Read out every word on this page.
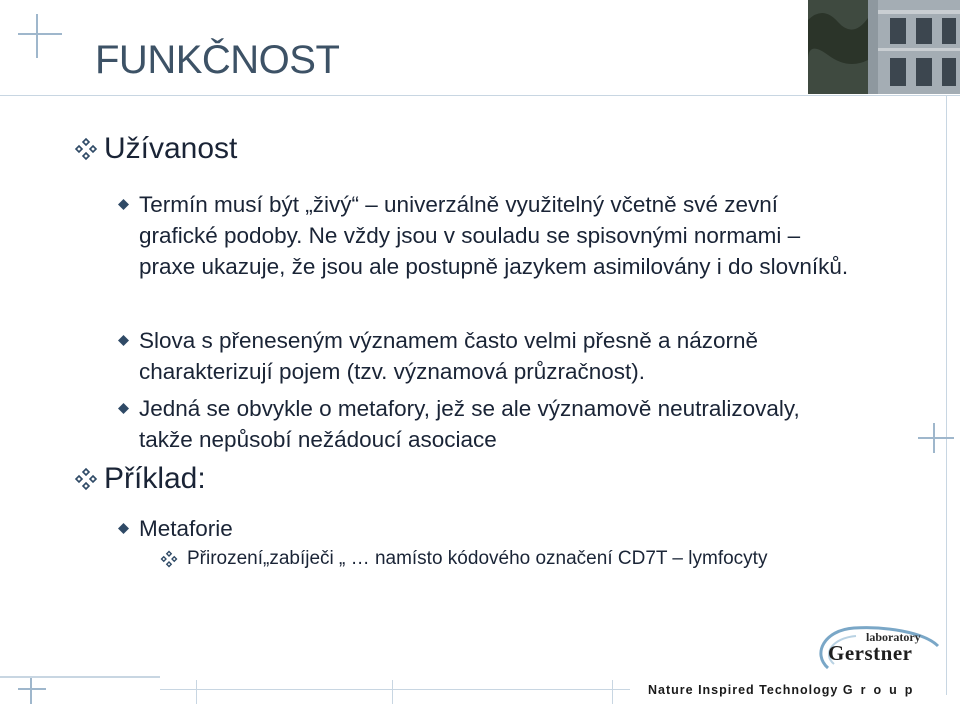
FUNKČNOST
Užívanost
Termín musí být „živý“ – univerzálně využitelný včetně své zevní grafické podoby. Ne vždy jsou v souladu se spisovnými normami – praxe ukazuje, že jsou ale postupně jazykem asimilovány i do slovníků.
Slova s přeneseným významem často velmi přesně a názorně charakterizují pojem (tzv. významová průzračnost).
Jedná se obvykle o metafory, jež se ale významově neutralizovaly, takže nepůsobí nežádoucí asociace
Příklad:
Metaforie
Přirození„zabíječi „ … namísto kódového označení CD7T – lymfocyty
laboratory
Gerstner
Nature Inspired Technology Group
